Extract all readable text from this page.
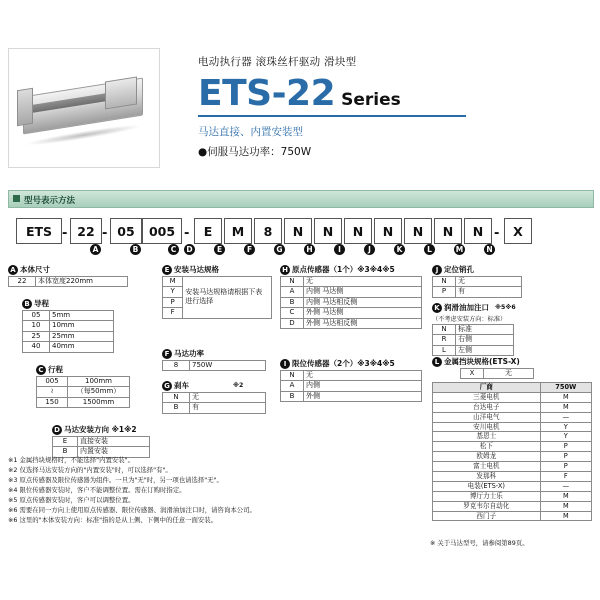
电动执行器 滚珠丝杆驱动 滑块型
ETS-22 Series
马达直接、内置安装型
●伺服马达功率：750W
型号表示方法
ETS - 22 - 05	005 -	E	M	8	N	N	N	N	N	N	N -	X
A	B	C	D	E	F	G	H	I	J	K	L	M	N
A 本体尺寸
22	本体宽度220mm
B 导程
05	5mm
10	10mm
25	25mm
40	40mm
C 行程
005	100mm
≀	（每50mm）
150	1500mm
D 马达安装方向 ※1※2
E	直接安装
B	内置安装
E 安装马达规格
M	安装马达规格请根据下表进行选择
Y
P
F
F 马达功率
8	750W
G 刹车	※2
N	无
B	有
H 原点传感器（1个）※3※4※5
N	无
A	内侧 马达侧
B	内侧 马达相反侧
C	外侧 马达侧
D	外侧 马达相反侧
I 限位传感器（2个）※3※4※5
N	无
A	内侧
B	外侧
J 定位销孔
N	无
P	有
K 润滑油加注口 ※5※6
（不考虑安装方向：标准）
N	标准
R	右侧
L	左侧
L 金属挡块规格(ETS-X)
X	无
厂商	750W
三菱电机	M
台达电子	M
山洋电气	—
安川电机	Y
基恩士	Y
松下	P
欧姆龙	P
富士电机	P
发那科	F
电装(ETS-X)	—
博厅力士乐	M
罗克韦尔自动化	M
西门子	M
※1 金属挡块规格时，不能选择"内置安装"。
※2 仅选择马达安装方向的"内置安装"时，可以选择"有"。
※3 原点传感器及限位传感器为组件。一旦为"无"时，另一项也请选择"无"。
※4 限位传感器安装时，客户不能调整位置。需在订购时指定。
※5 原点传感器安装时，客户可以调整位置。
※6 需要在同一方向上使用原点传感器、限位传感器、润滑油加注口时，请咨询本公司。
※6 这里的"本体安装方向：标准"指的是从上侧、下侧中的任意一面安装。
※ 关于马达型号，请参阅第89页。
